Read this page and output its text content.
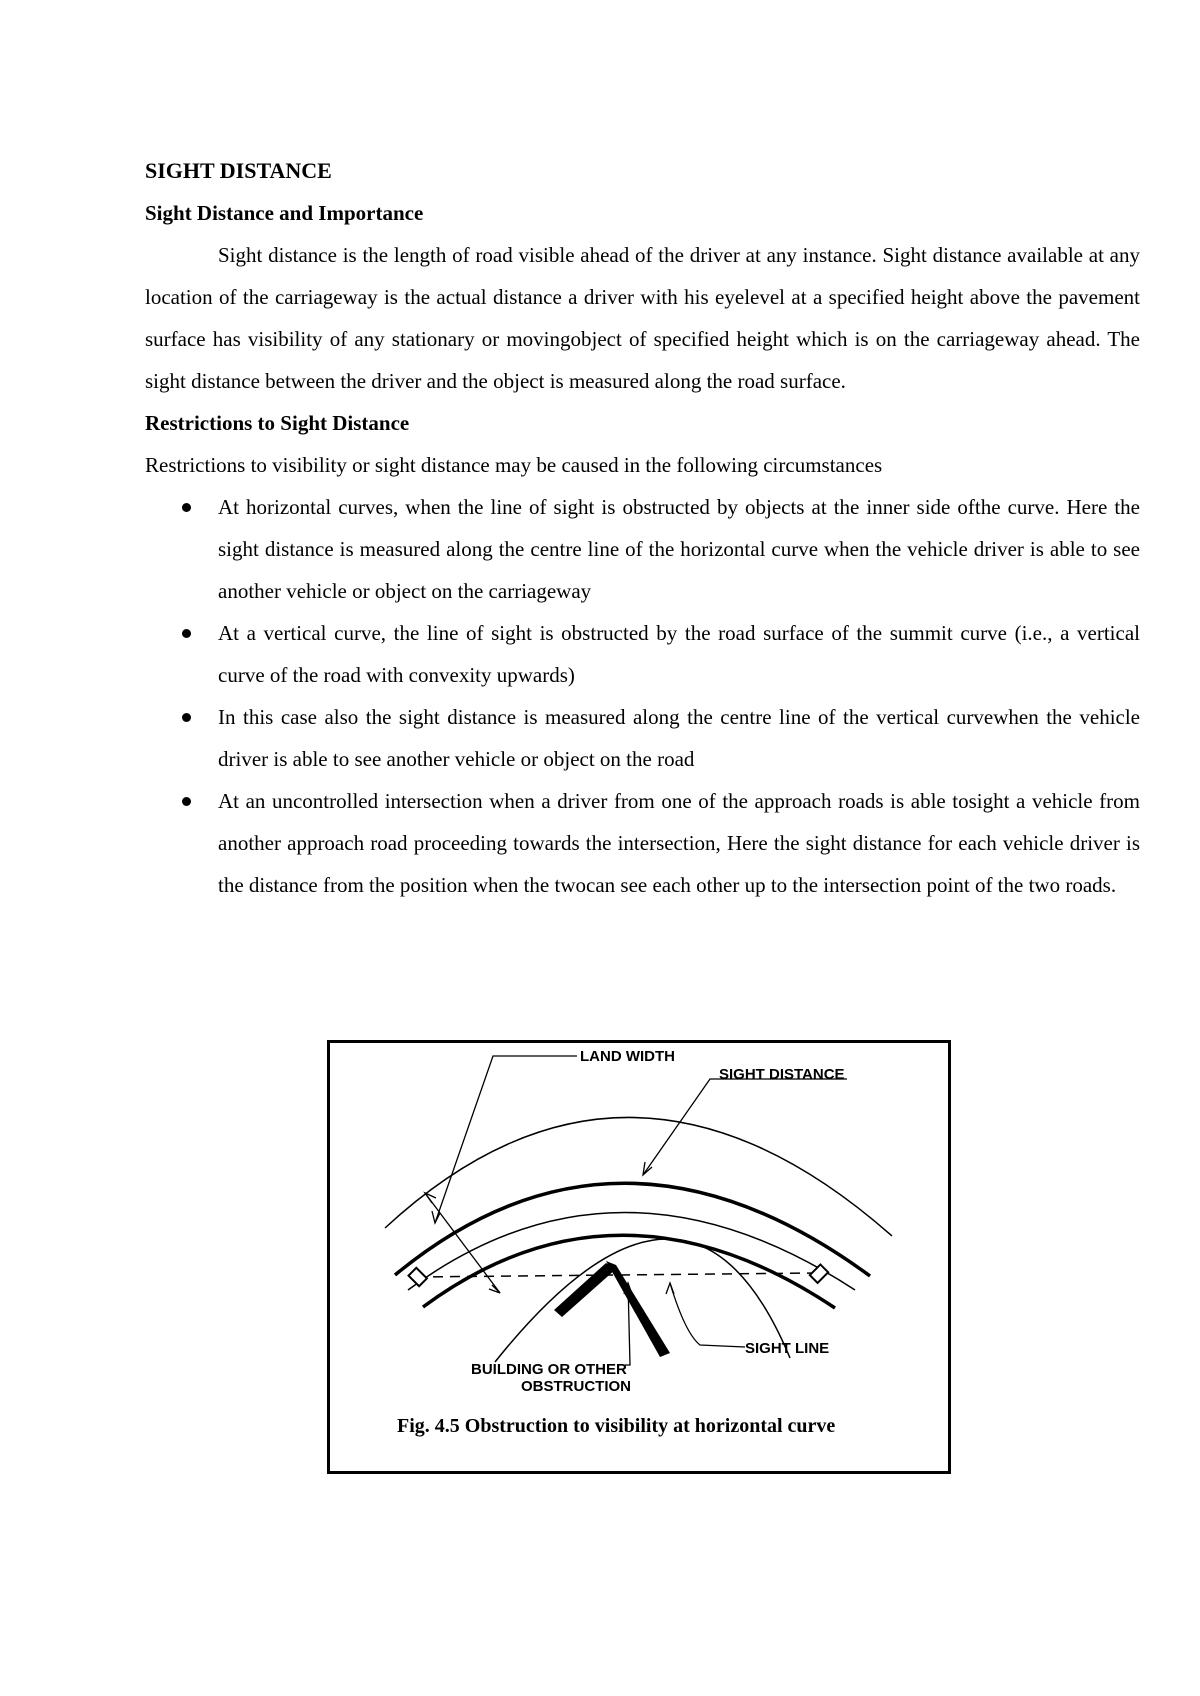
SIGHT DISTANCE
Sight Distance and Importance

Sight distance is the length of road visible ahead of the driver at any instance. Sight distance available at any location of the carriageway is the actual distance a driver with his eyelevel at a specified height above the pavement surface has visibility of any stationary or movingobject of specified height which is on the carriageway ahead. The sight distance between the driver and the object is measured along the road surface.

Restrictions to Sight Distance

Restrictions to visibility or sight distance may be caused in the following circumstances

At horizontal curves, when the line of sight is obstructed by objects at the inner side ofthe curve. Here the sight distance is measured along the centre line of the horizontal curve when the vehicle driver is able to see another vehicle or object on the carriageway
At a vertical curve, the line of sight is obstructed by the road surface of the summit curve (i.e., a vertical curve of the road with convexity upwards)
In this case also the sight distance is measured along the centre line of the vertical curvewhen the vehicle driver is able to see another vehicle or object on the road
At an uncontrolled intersection when a driver from one of the approach roads is able tosight a vehicle from another approach road proceeding towards the intersection, Here the sight distance for each vehicle driver is the distance from the position when the twocan see each other up to the intersection point of the two roads.
LAND WIDTH
SIGHT DISTANCE
SIGHT LINE
BUILDING OR OTHER
OBSTRUCTION
Fig. 4.5 Obstruction to visibility at horizontal curve
